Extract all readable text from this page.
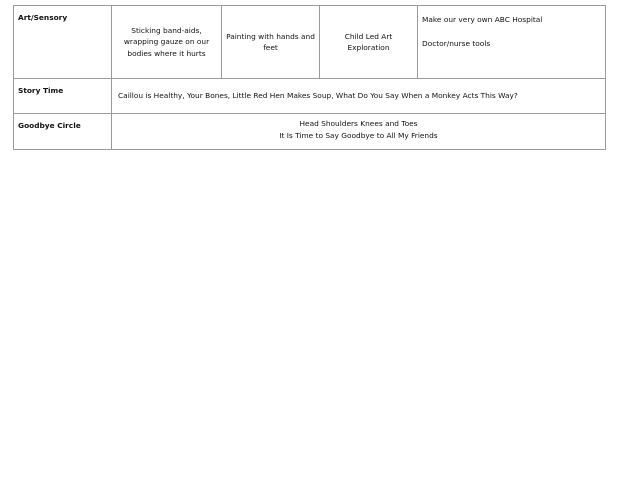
Art/Sensory	Sticking band-aids, wrapping gauze on our bodies where it hurts	Painting with hands and feet	Child Led Art Exploration	Make our very own ABC Hospital
Doctor/nurse tools

Story Time	Caillou is Healthy, Your Bones, Little Red Hen Makes Soup, What Do You Say When a Monkey Acts This Way?			
Goodbye Circle	Head Shoulders Knees and Toes
It Is Time to Say Goodbye to All My Friends			
